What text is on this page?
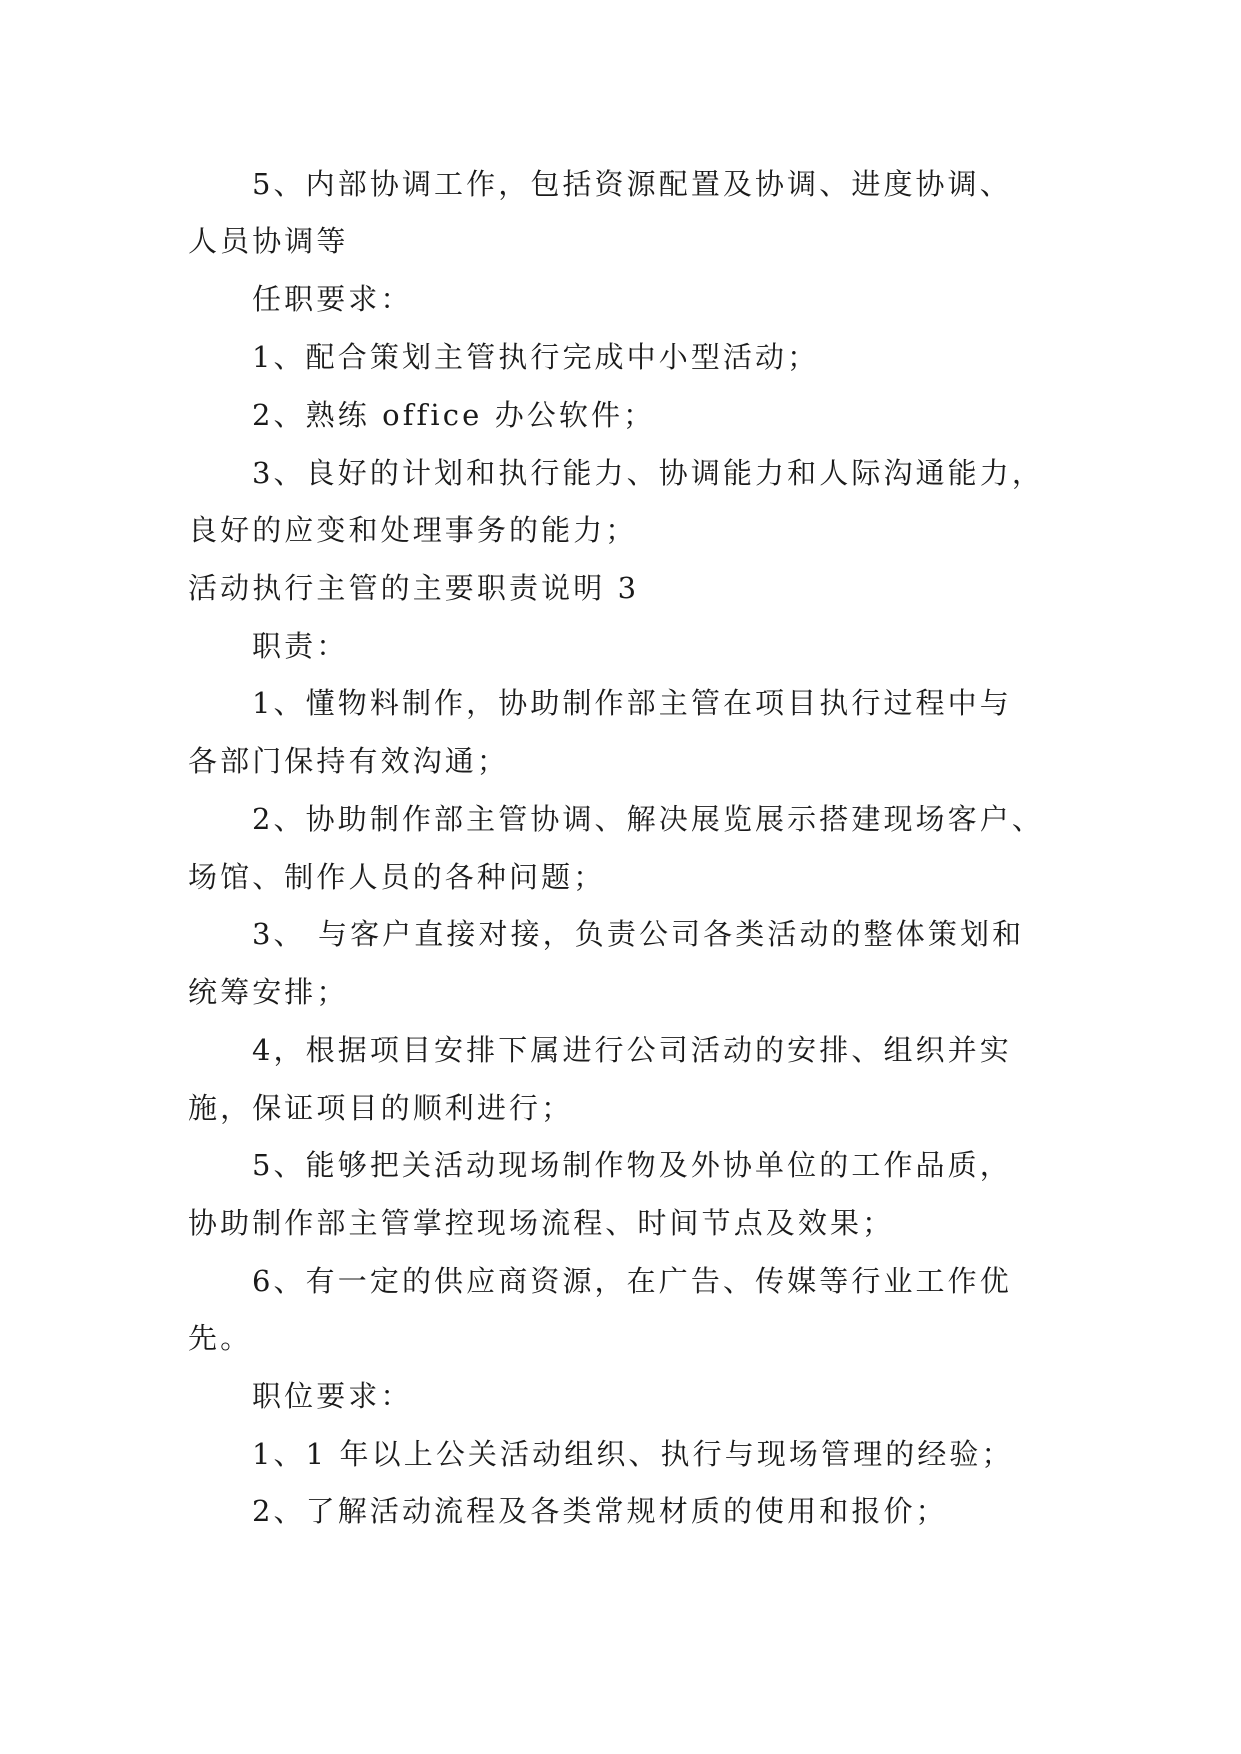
5、内部协调工作，包括资源配置及协调、进度协调、
人员协调等
任职要求：
1、配合策划主管执行完成中小型活动；
2、熟练 office 办公软件；
3、良好的计划和执行能力、协调能力和人际沟通能力，
良好的应变和处理事务的能力；
活动执行主管的主要职责说明 3
职责：
1、懂物料制作，协助制作部主管在项目执行过程中与
各部门保持有效沟通；
2、协助制作部主管协调、解决展览展示搭建现场客户、
场馆、制作人员的各种问题；
3、 与客户直接对接，负责公司各类活动的整体策划和
统筹安排；
4，根据项目安排下属进行公司活动的安排、组织并实
施，保证项目的顺利进行；
5、能够把关活动现场制作物及外协单位的工作品质，
协助制作部主管掌控现场流程、时间节点及效果；
6、有一定的供应商资源，在广告、传媒等行业工作优
先。
职位要求：
1、1 年以上公关活动组织、执行与现场管理的经验；
2、了解活动流程及各类常规材质的使用和报价；
